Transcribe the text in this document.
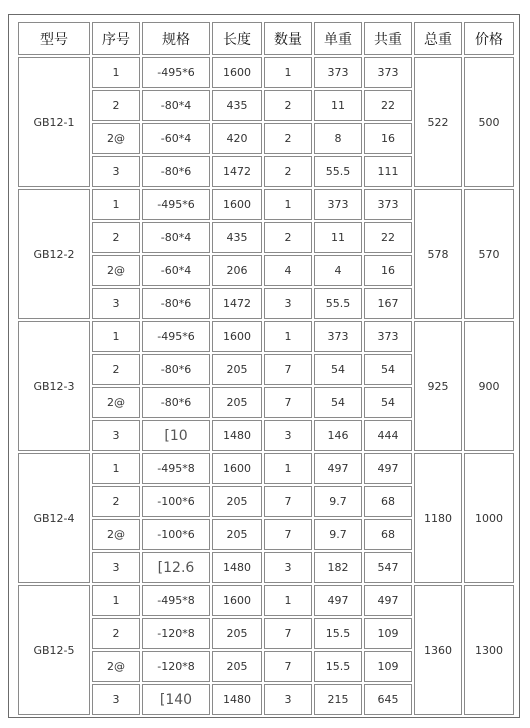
型号	序号	规格	长度	数量	单重	共重	总重	价格
GB12-1
1	-495*6	1600	1	373	373
2	-80*4	435	2	11	22
2@	-60*4	420	2	8	16
3	-80*6	1472	2	55.5	111
522	500
GB12-2
1	-495*6	1600	1	373	373
2	-80*4	435	2	11	22
2@	-60*4	206	4	4	16
3	-80*6	1472	3	55.5	167
578	570
GB12-3
1	-495*6	1600	1	373	373
2	-80*6	205	7	54	54
2@	-80*6	205	7	54	54
3	[10	1480	3	146	444
925	900
GB12-4
1	-495*8	1600	1	497	497
2	-100*6	205	7	9.7	68
2@	-100*6	205	7	9.7	68
3	[12.6	1480	3	182	547
1180	1000
GB12-5
1	-495*8	1600	1	497	497
2	-120*8	205	7	15.5	109
2@	-120*8	205	7	15.5	109
3	[140	1480	3	215	645
1360	1300
